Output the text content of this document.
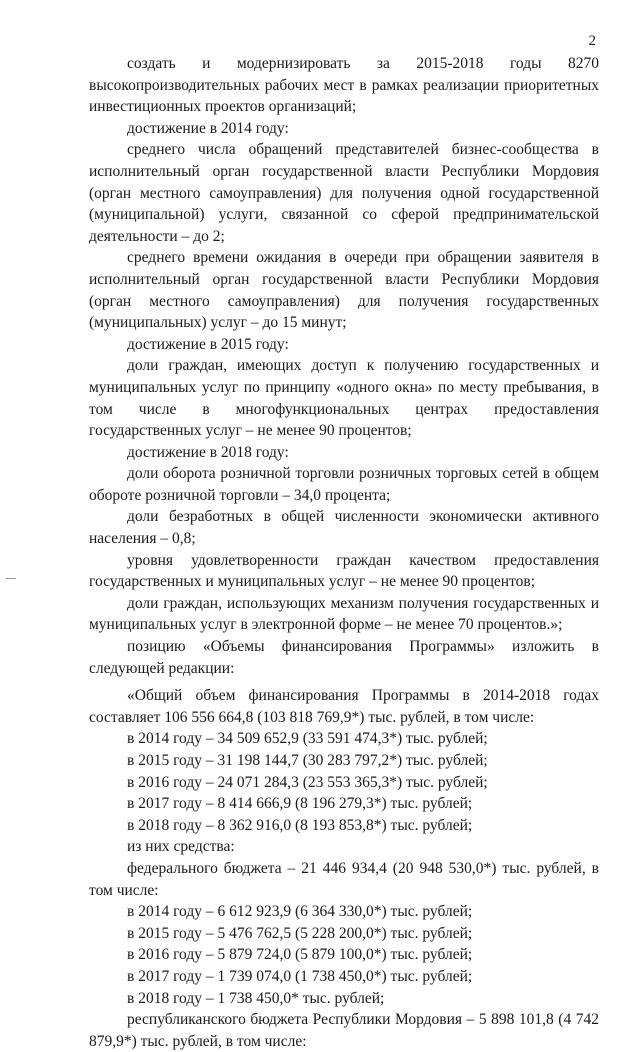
2

создать и модернизировать за 2015-2018 годы 8270 высокопроизводительных рабочих мест в рамках реализации приоритетных инвестиционных проектов организаций;

достижение в 2014 году:

среднего числа обращений представителей бизнес-сообщества в исполнительный орган государственной власти Республики Мордовия (орган местного самоуправления) для получения одной государственной (муниципальной) услуги, связанной со сферой предпринимательской деятельности – до 2;

среднего времени ожидания в очереди при обращении заявителя в исполнительный орган государственной власти Республики Мордовия (орган местного самоуправления) для получения государственных (муниципальных) услуг – до 15 минут;

достижение в 2015 году:

доли граждан, имеющих доступ к получению государственных и муниципальных услуг по принципу «одного окна» по месту пребывания, в том числе в многофункциональных центрах предоставления государственных услуг – не менее 90 процентов;

достижение в 2018 году:

доли оборота розничной торговли розничных торговых сетей в общем обороте розничной торговли – 34,0 процента;

доли безработных в общей численности экономически активного населения – 0,8;

уровня удовлетворенности граждан качеством предоставления государственных и муниципальных услуг – не менее 90 процентов;

доли граждан, использующих механизм получения государственных и муниципальных услуг в электронной форме – не менее 70 процентов.»;

позицию «Объемы финансирования Программы» изложить в следующей редакции:

«Общий объем финансирования Программы в 2014-2018 годах составляет 106 556 664,8 (103 818 769,9*) тыс. рублей, в том числе:

в 2014 году – 34 509 652,9 (33 591 474,3*) тыс. рублей;

в 2015 году – 31 198 144,7 (30 283 797,2*) тыс. рублей;

в 2016 году – 24 071 284,3 (23 553 365,3*) тыс. рублей;

в 2017 году – 8 414 666,9 (8 196 279,3*) тыс. рублей;

в 2018 году – 8 362 916,0 (8 193 853,8*) тыс. рублей;

из них средства:

федерального бюджета – 21 446 934,4 (20 948 530,0*) тыс. рублей, в том числе:

в 2014 году – 6 612 923,9 (6 364 330,0*) тыс. рублей;

в 2015 году – 5 476 762,5 (5 228 200,0*) тыс. рублей;

в 2016 году – 5 879 724,0 (5 879 100,0*) тыс. рублей;

в 2017 году – 1 739 074,0 (1 738 450,0*) тыс. рублей;

в 2018 году – 1 738 450,0* тыс. рублей;

республиканского бюджета Республики Мордовия – 5 898 101,8 (4 742 879,9*) тыс. рублей, в том числе:
